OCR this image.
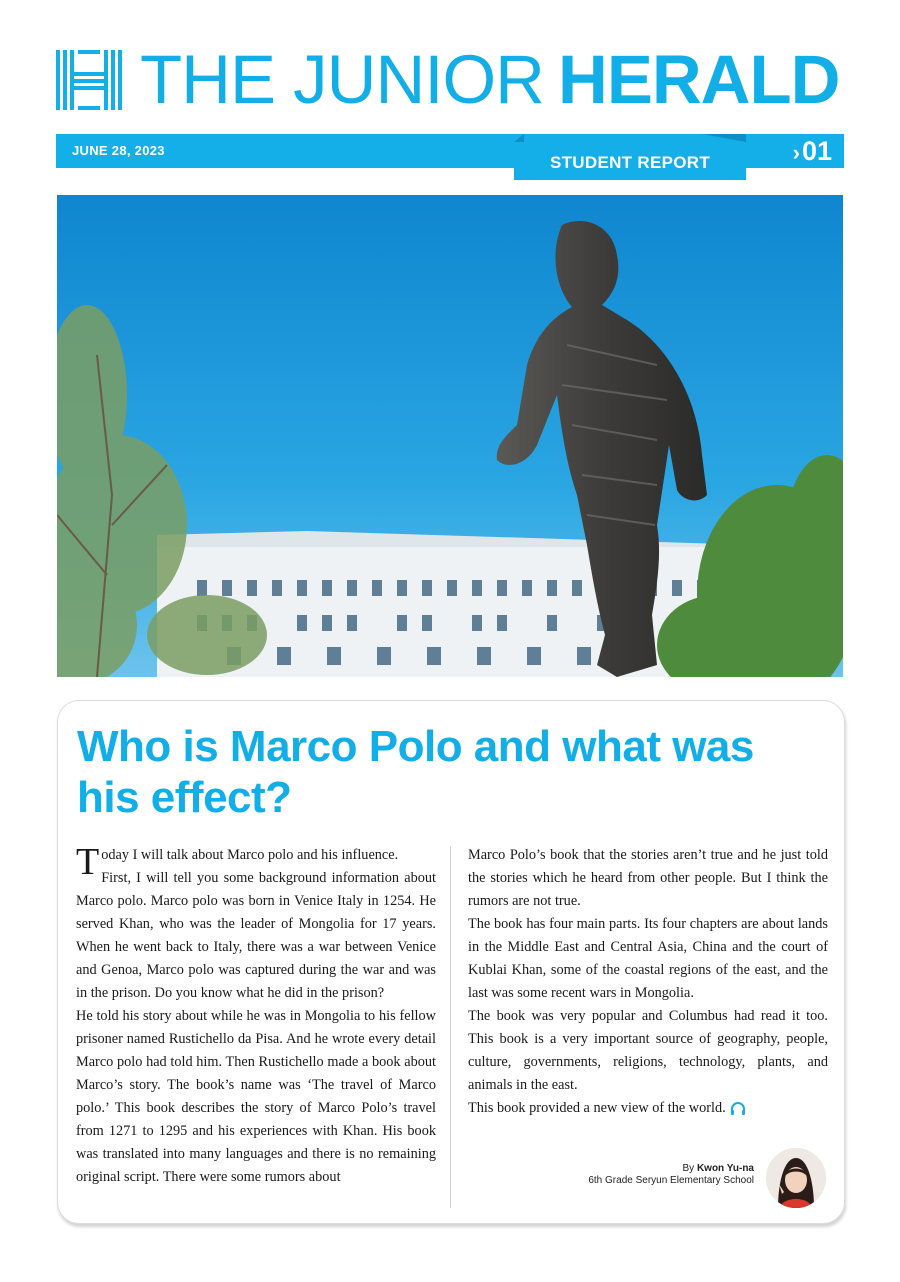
THE JUNIOR HERALD
JUNE 28, 2023
STUDENT REPORT	›01
Who is Marco Polo and what was his effect?

Today I will talk about Marco polo and his influence.

First, I will tell you some background information about Marco polo. Marco polo was born in Venice Italy in 1254. He served Khan, who was the leader of Mongolia for 17 years. When he went back to Italy, there was a war between Venice and Genoa, Marco polo was captured during the war and was in the prison. Do you know what he did in the prison?

He told his story about while he was in Mongolia to his fellow prisoner named Rustichello da Pisa. And he wrote every detail Marco polo had told him. Then Rustichello made a book about Marco’s story. The book’s name was ‘The travel of Marco polo.’ This book describes the story of Marco Polo’s travel from 1271 to 1295 and his experiences with Khan. His book was translated into many languages and there is no remaining original script. There were some rumors about

Marco Polo’s book that the stories aren’t true and he just told the stories which he heard from other people. But I think the rumors are not true.

The book has four main parts. Its four chapters are about lands in the Middle East and Central Asia, China and the court of Kublai Khan, some of the coastal regions of the east, and the last was some recent wars in Mongolia.

The book was very popular and Columbus had read it too. This book is a very important source of geography, people, culture, governments, religions, technology, plants, and animals in the east.

This book provided a new view of the world.

By Kwon Yu-na
6th Grade Seryun Elementary School
